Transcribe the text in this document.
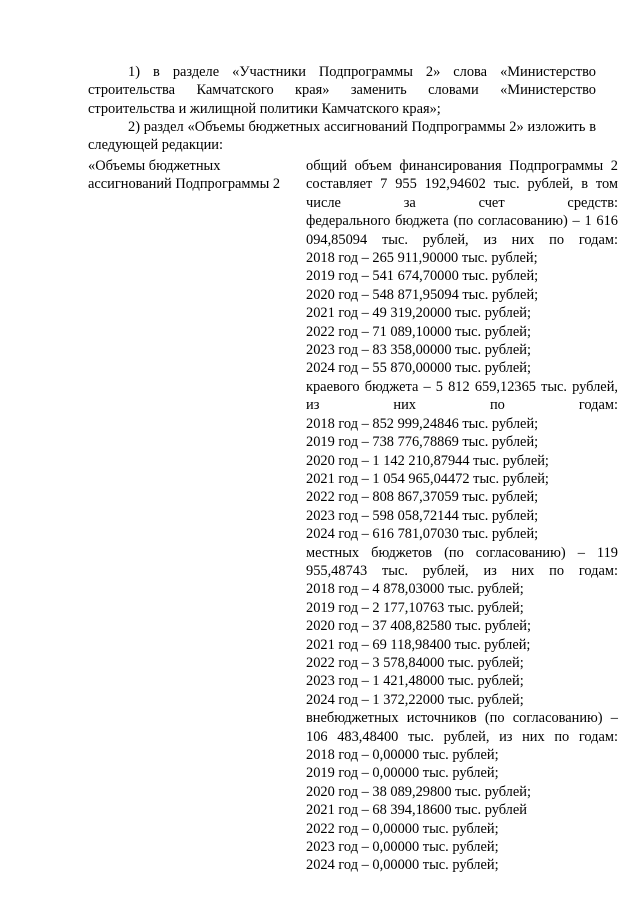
1) в разделе «Участники Подпрограммы 2» слова «Министерство строительства Камчатского края» заменить словами «Министерство строительства и жилищной политики Камчатского края»;

2) раздел «Объемы бюджетных ассигнований Подпрограммы 2» изложить в следующей редакции:

«Объемы бюджетных
ассигнований Подпрограммы 2
общий объем финансирования Подпрограммы 2 составляет 7 955 192,94602 тыс. рублей, в том числе за счет средств:
федерального бюджета (по согласованию) – 1 616 094,85094 тыс. рублей, из них по годам:
2018 год – 265 911,90000 тыс. рублей;
2019 год – 541 674,70000 тыс. рублей;
2020 год – 548 871,95094 тыс. рублей;
2021 год – 49 319,20000 тыс. рублей;
2022 год – 71 089,10000 тыс. рублей;
2023 год – 83 358,00000 тыс. рублей;
2024 год – 55 870,00000 тыс. рублей;
краевого бюджета – 5 812 659,12365 тыс. рублей, из них по годам:
2018 год – 852 999,24846 тыс. рублей;
2019 год – 738 776,78869 тыс. рублей;
2020 год – 1 142 210,87944 тыс. рублей;
2021 год – 1 054 965,04472 тыс. рублей;
2022 год – 808 867,37059 тыс. рублей;
2023 год – 598 058,72144 тыс. рублей;
2024 год – 616 781,07030 тыс. рублей;
местных бюджетов (по согласованию) – 119 955,48743 тыс. рублей, из них по годам:
2018 год – 4 878,03000 тыс. рублей;
2019 год – 2 177,10763 тыс. рублей;
2020 год – 37 408,82580 тыс. рублей;
2021 год – 69 118,98400 тыс. рублей;
2022 год – 3 578,84000 тыс. рублей;
2023 год – 1 421,48000 тыс. рублей;
2024 год – 1 372,22000 тыс. рублей;
внебюджетных источников (по согласованию) – 106 483,48400 тыс. рублей, из них по годам:
2018 год – 0,00000 тыс. рублей;
2019 год – 0,00000 тыс. рублей;
2020 год – 38 089,29800 тыс. рублей;
2021 год – 68 394,18600 тыс. рублей
2022 год – 0,00000 тыс. рублей;
2023 год – 0,00000 тыс. рублей;
2024 год – 0,00000 тыс. рублей;
